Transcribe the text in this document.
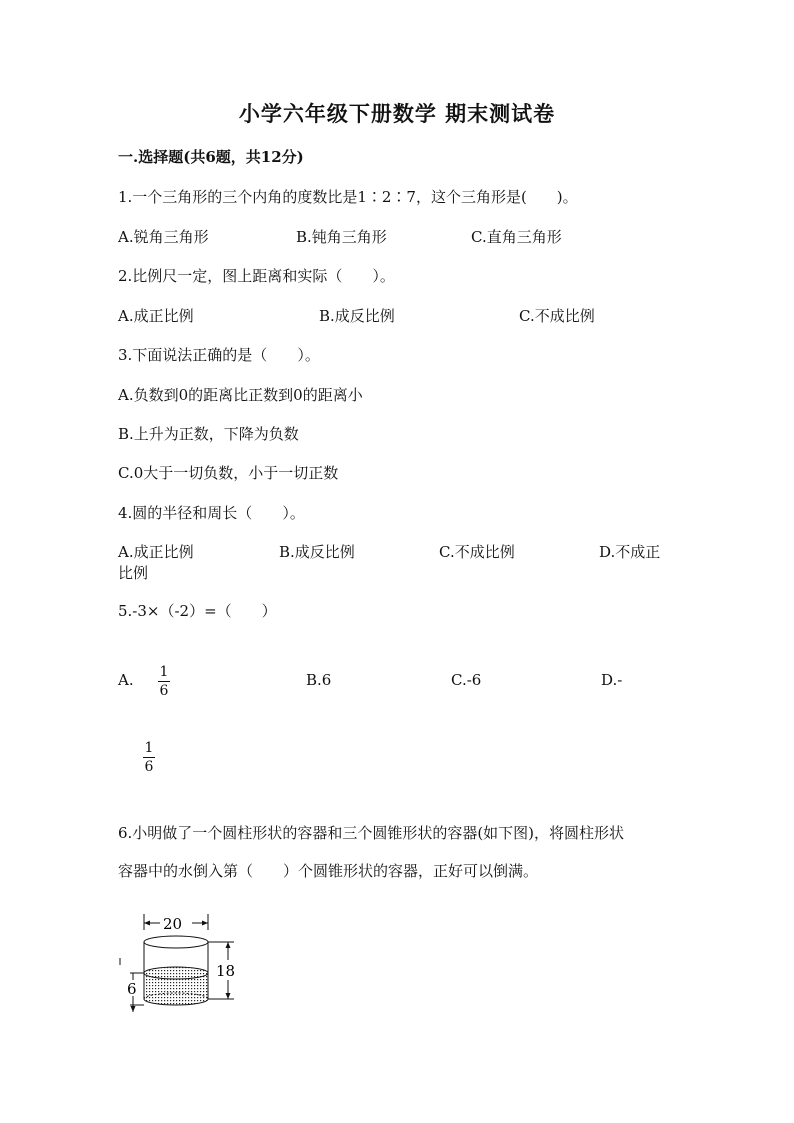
小学六年级下册数学 期末测试卷
一.选择题(共6题，共12分)
1.一个三角形的三个内角的度数比是1∶2∶7，这个三角形是(　　)。
A.锐角三角形	B.钝角三角形	C.直角三角形
2.比例尺一定，图上距离和实际（　　）。
A.成正比例	B.成反比例	C.不成比例
3.下面说法正确的是（　　）。
A.负数到0的距离比正数到0的距离小
B.上升为正数，下降为负数
C.0大于一切负数，小于一切正数
4.圆的半径和周长（　　）。
A.成正比例	B.成反比例	C.不成比例	D.不成正
比例
5.-3×（-2）=（　　）
A. 1
6
B.6	C.-6	D.-
1
6
6.小明做了一个圆柱形状的容器和三个圆锥形状的容器(如下图)，将圆柱形状
容器中的水倒入第（　　）个圆锥形状的容器，正好可以倒满。
20
18
6
